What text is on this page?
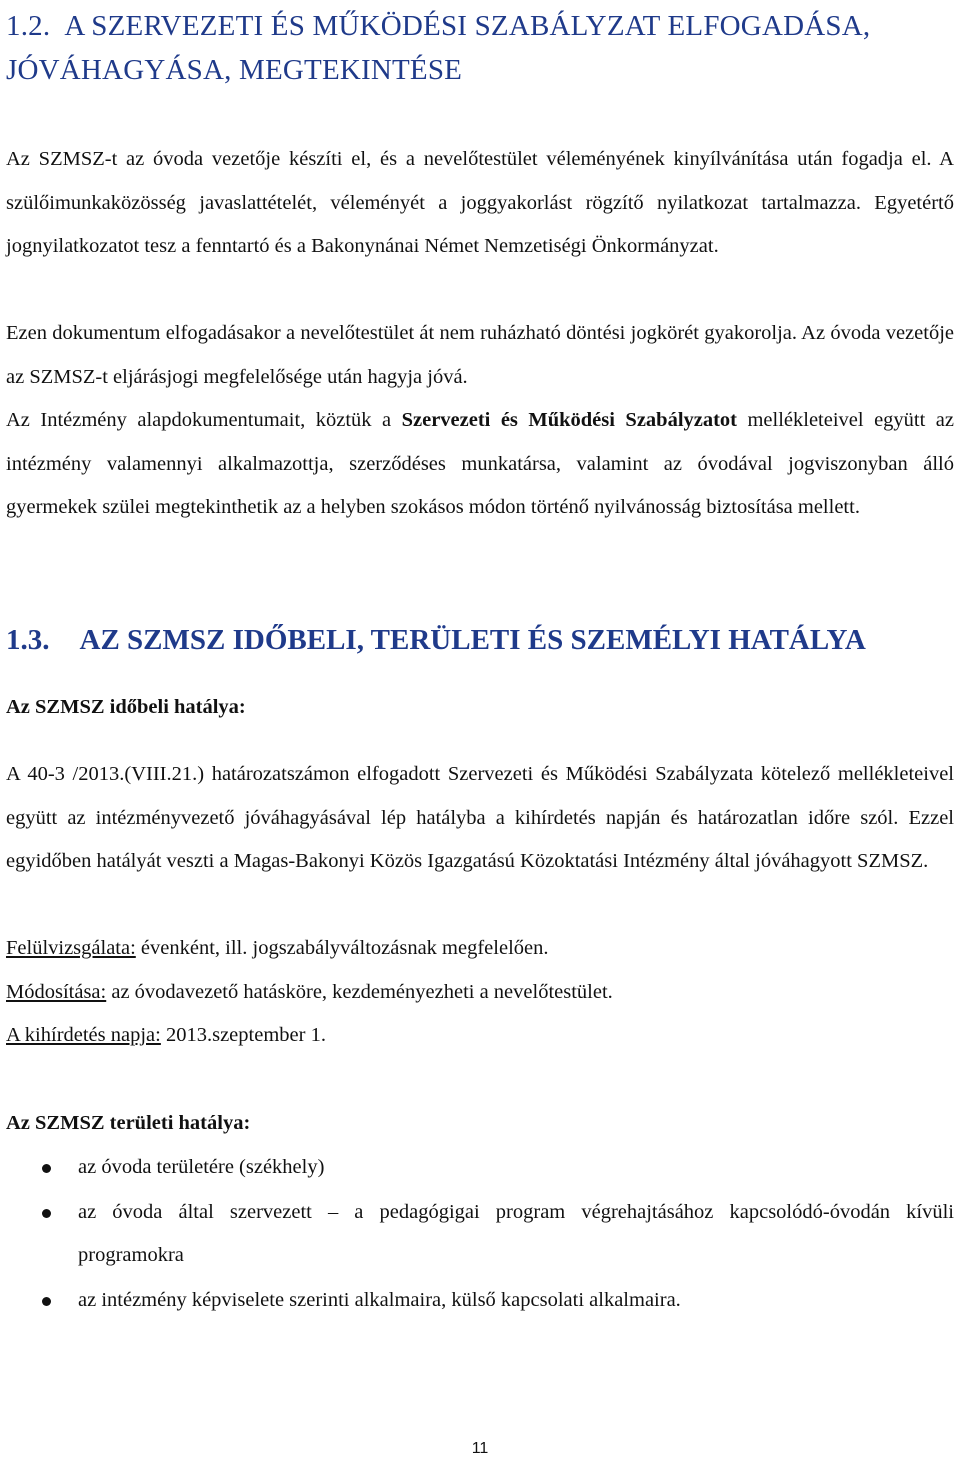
1.2. A SZERVEZETI ÉS MŰKÖDÉSI SZABÁLYZAT ELFOGADÁSA, JÓVÁHAGYÁSA, MEGTEKINTÉSE

Az SZMSZ-t az óvoda vezetője készíti el, és a nevelőtestület véleményének kinyílvánítása után fogadja el. A szülőimunkaközösség javaslattételét, véleményét a joggyakorlást rögzítő nyilatkozat tartalmazza. Egyetértő jognyilatkozatot tesz a fenntartó és a Bakonynánai Német Nemzetiségi Önkormányzat.

Ezen dokumentum elfogadásakor a nevelőtestület át nem ruházható döntési jogkörét gyakorolja. Az óvoda vezetője az SZMSZ-t eljárásjogi megfelelősége után hagyja jóvá.

Az Intézmény alapdokumentumait, köztük a Szervezeti és Működési Szabályzatot mellékleteivel együtt az intézmény valamennyi alkalmazottja, szerződéses munkatársa, valamint az óvodával jogviszonyban álló gyermekek szülei megtekinthetik az a helyben szokásos módon történő nyilvánosság biztosítása mellett.

1.3. AZ SZMSZ IDŐBELI, TERÜLETI ÉS SZEMÉLYI HATÁLYA
Az SZMSZ időbeli hatálya:

A 40-3 /2013.(VIII.21.) határozatszámon elfogadott Szervezeti és Működési Szabályzata kötelező mellékleteivel együtt az intézményvezető jóváhagyásával lép hatályba a kihírdetés napján és határozatlan időre szól. Ezzel egyidőben hatályát veszti a Magas-Bakonyi Közös Igazgatású Közoktatási Intézmény által jóváhagyott SZMSZ.

Felülvizsgálata: évenként, ill. jogszabályváltozásnak megfelelően.

Módosítása: az óvodavezető hatásköre, kezdeményezheti a nevelőtestület.

A kihírdetés napja: 2013.szeptember 1.

Az SZMSZ területi hatálya:
az óvoda területére (székhely)
az óvoda által szervezett – a pedagógigai program végrehajtásához kapcsolódó-óvodán kívüli programokra
az intézmény képviselete szerinti alkalmaira, külső kapcsolati alkalmaira.
11
